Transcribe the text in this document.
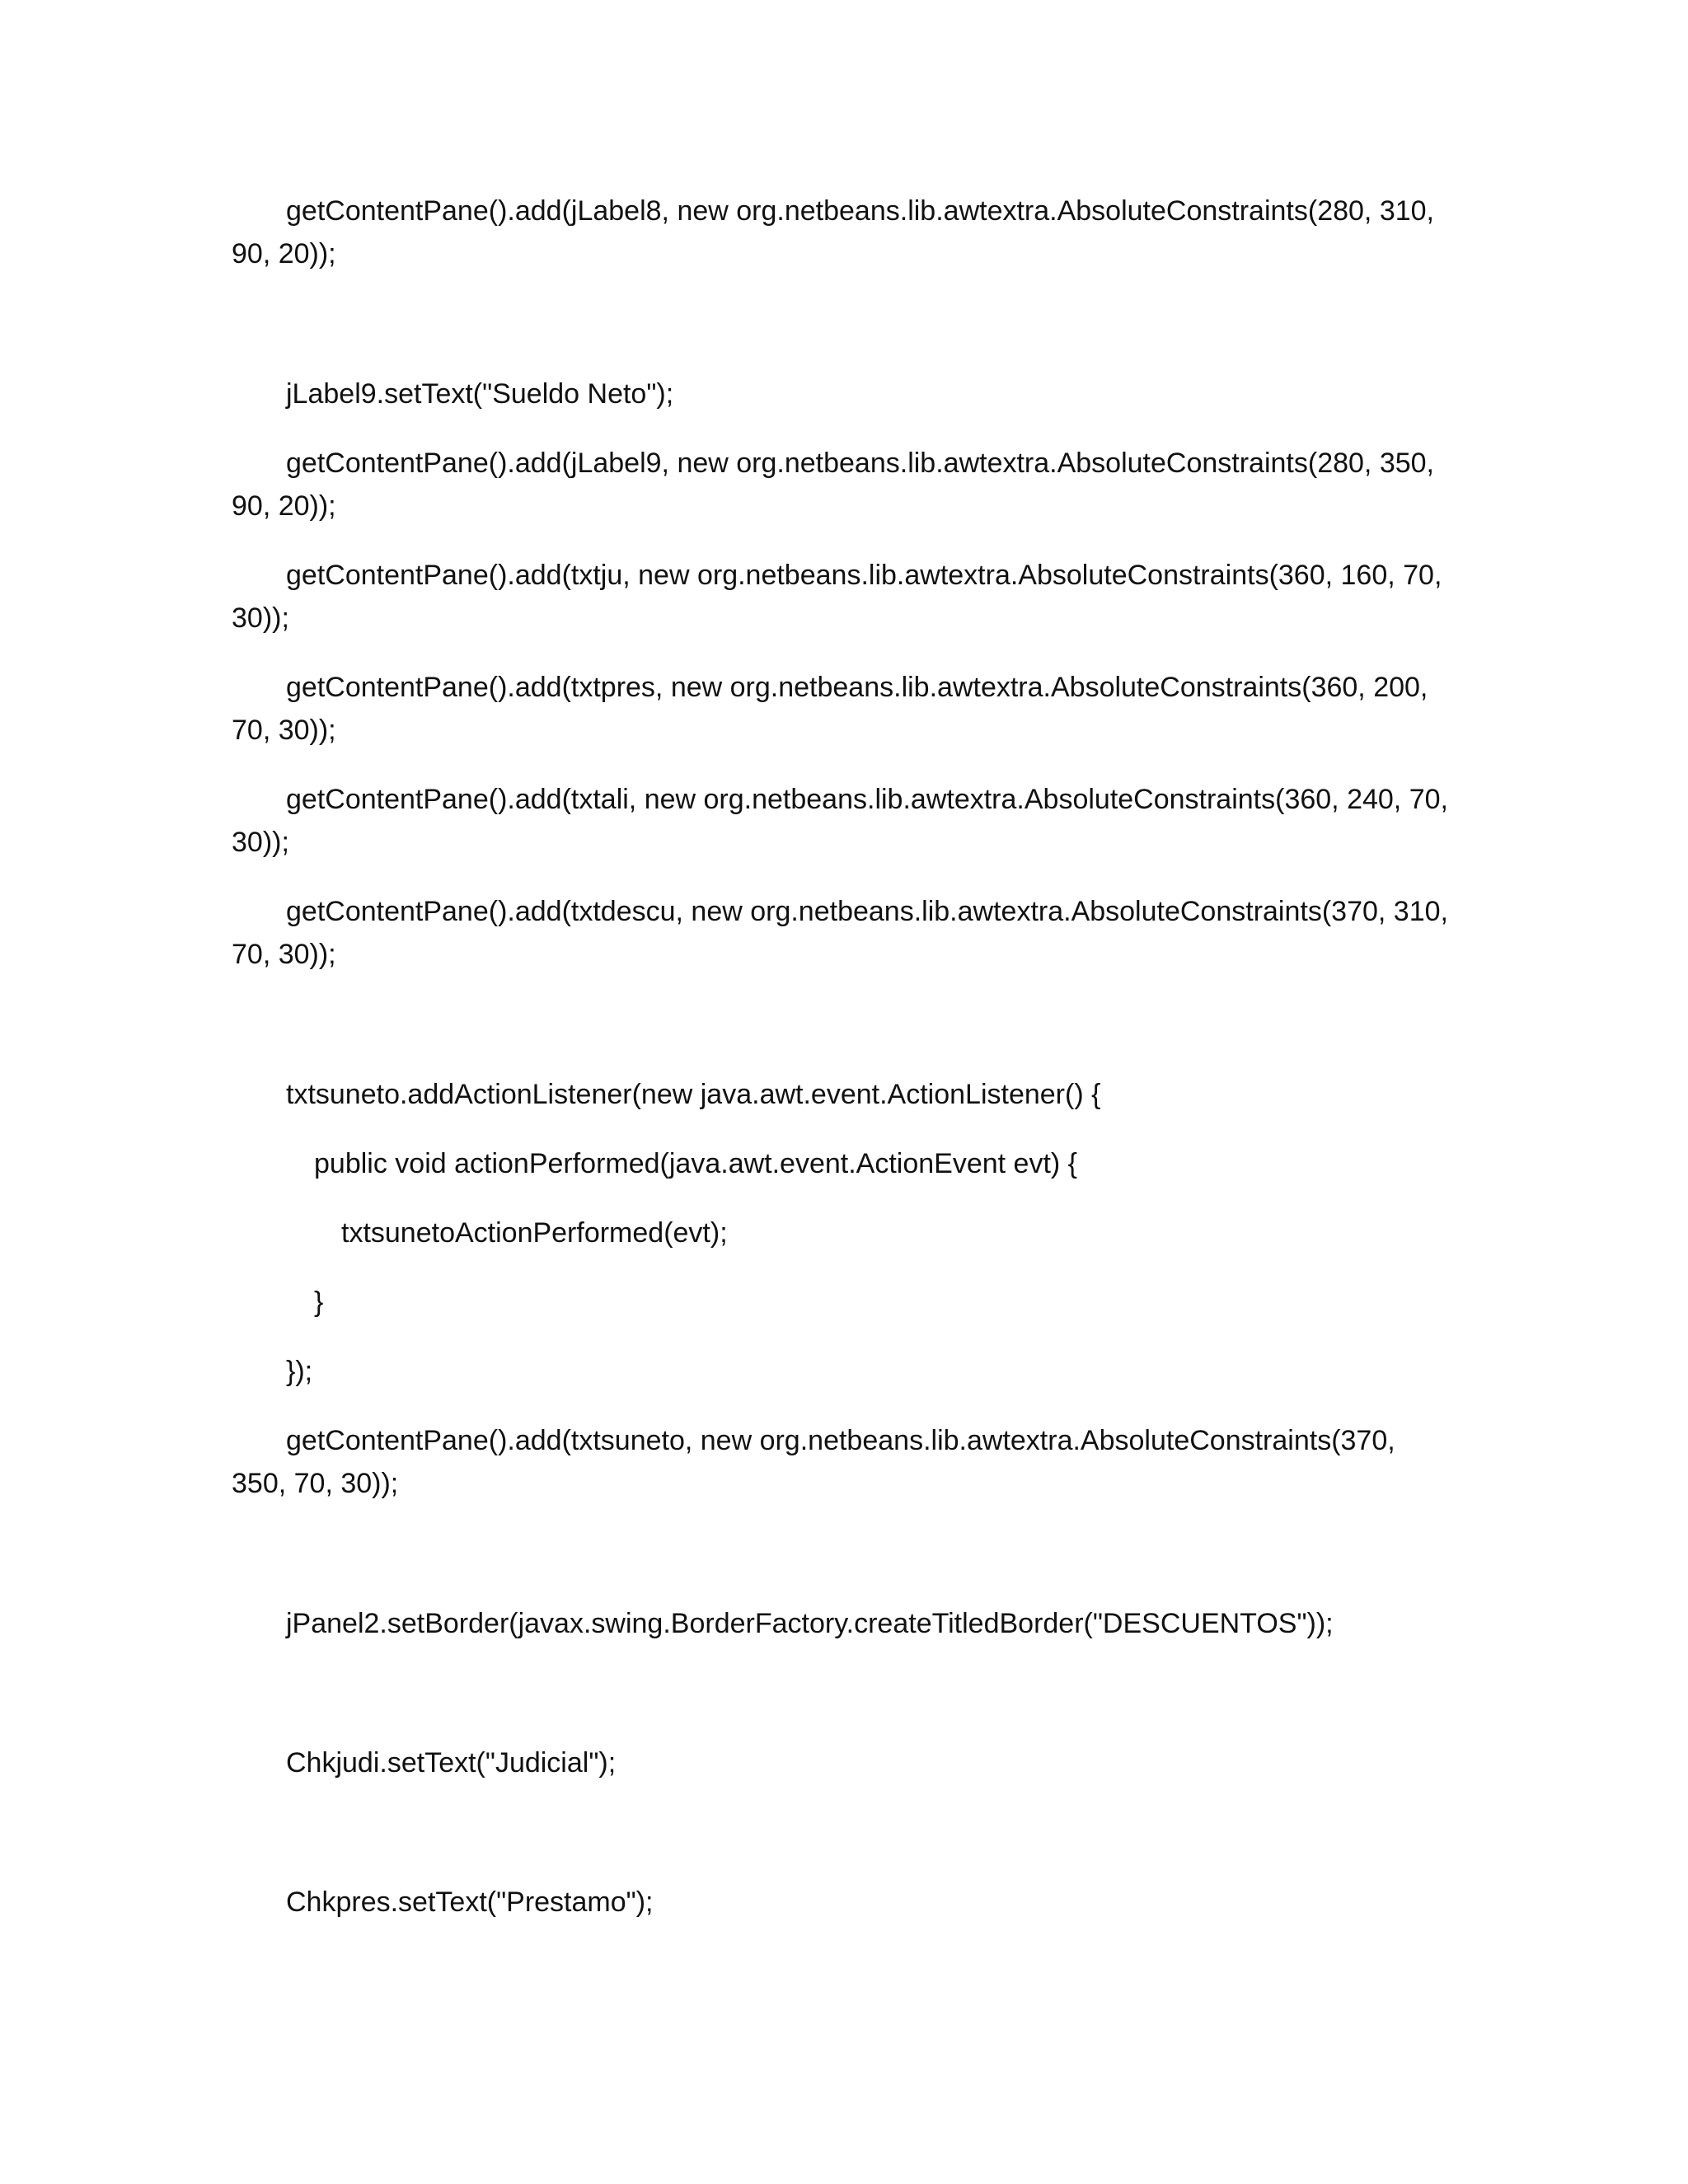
getContentPane().add(jLabel8, new org.netbeans.lib.awtextra.AbsoluteConstraints(280, 310,
90, 20));
jLabel9.setText("Sueldo Neto");
getContentPane().add(jLabel9, new org.netbeans.lib.awtextra.AbsoluteConstraints(280, 350,
90, 20));
getContentPane().add(txtju, new org.netbeans.lib.awtextra.AbsoluteConstraints(360, 160, 70,
30));
getContentPane().add(txtpres, new org.netbeans.lib.awtextra.AbsoluteConstraints(360, 200,
70, 30));
getContentPane().add(txtali, new org.netbeans.lib.awtextra.AbsoluteConstraints(360, 240, 70,
30));
getContentPane().add(txtdescu, new org.netbeans.lib.awtextra.AbsoluteConstraints(370, 310,
70, 30));
txtsuneto.addActionListener(new java.awt.event.ActionListener() {
public void actionPerformed(java.awt.event.ActionEvent evt) {
txtsunetoActionPerformed(evt);
}
});
getContentPane().add(txtsuneto, new org.netbeans.lib.awtextra.AbsoluteConstraints(370,
350, 70, 30));
jPanel2.setBorder(javax.swing.BorderFactory.createTitledBorder("DESCUENTOS"));
Chkjudi.setText("Judicial");
Chkpres.setText("Prestamo");
